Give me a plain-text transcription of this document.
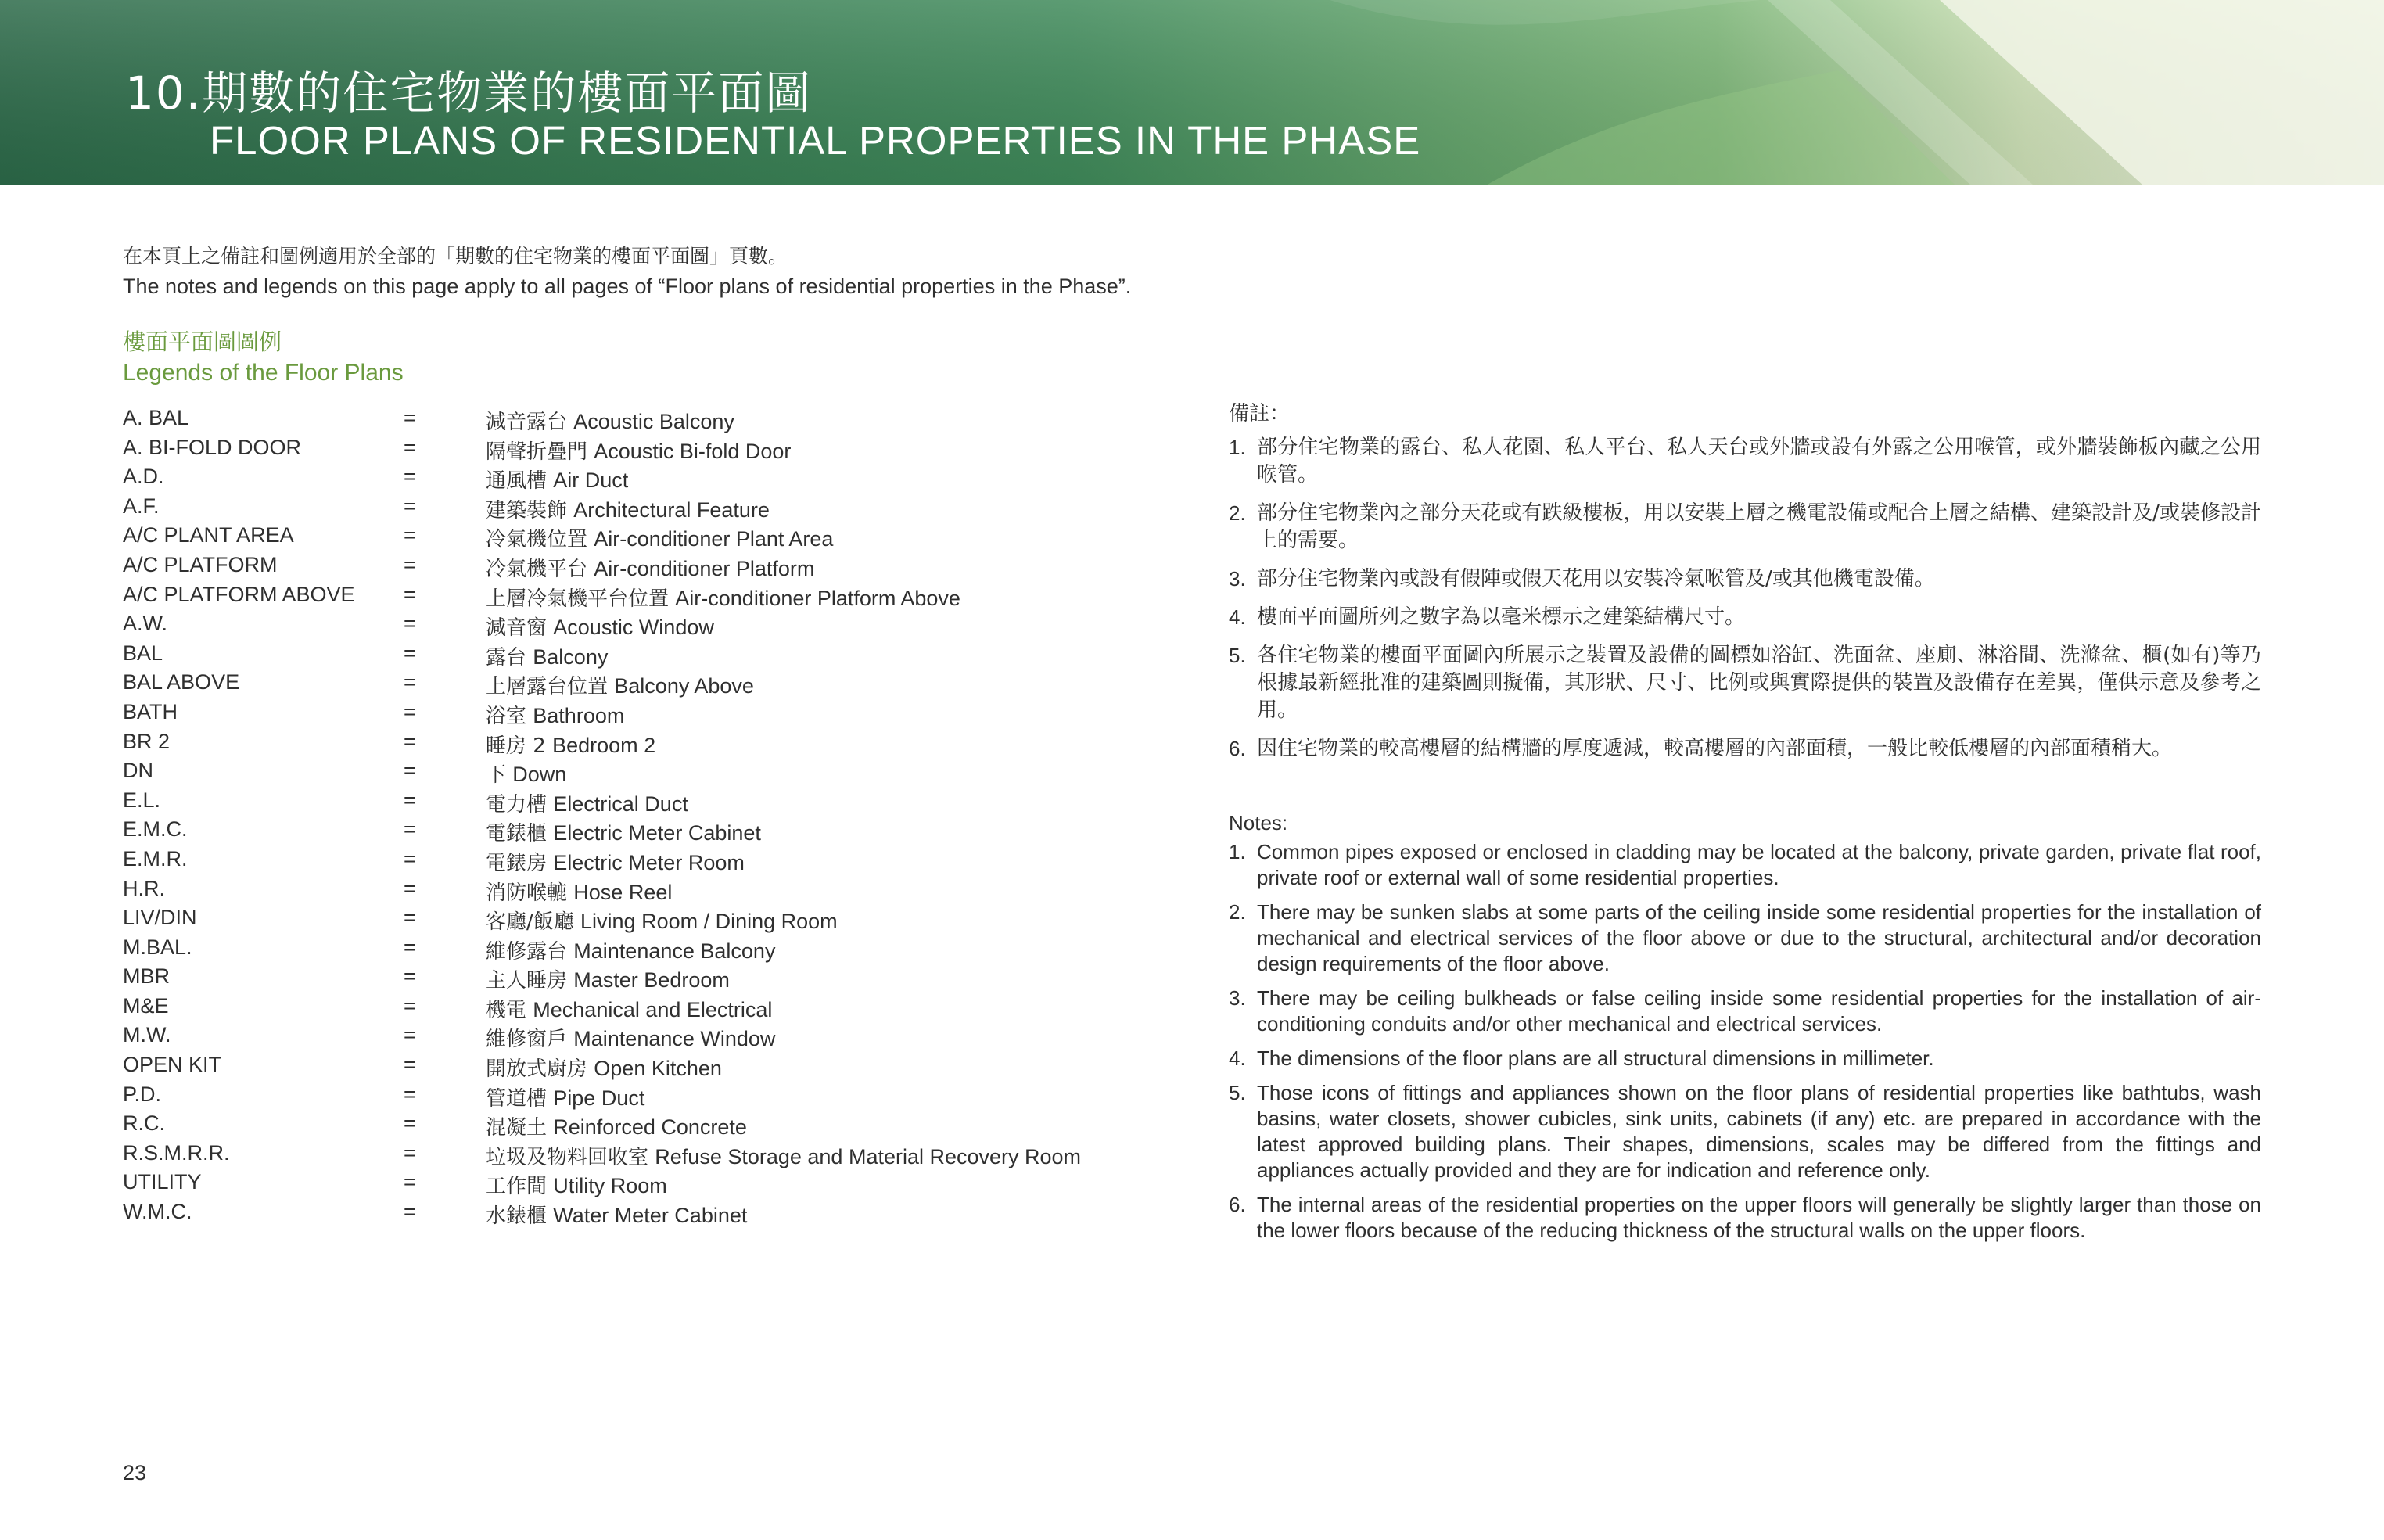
10.期數的住宅物業的樓面平面圖
FLOOR PLANS OF RESIDENTIAL PROPERTIES IN THE PHASE
在本頁上之備註和圖例適用於全部的「期數的住宅物業的樓面平面圖」頁數。
The notes and legends on this page apply to all pages of “Floor plans of residential properties in the Phase”.
樓面平面圖圖例
Legends of the Floor Plans
A. BAL	=	減音露台 Acoustic Balcony
A. BI-FOLD DOOR	=	隔聲折疊門 Acoustic Bi-fold Door
A.D.	=	通風槽 Air Duct
A.F.	=	建築裝飾 Architectural Feature
A/C PLANT AREA	=	冷氣機位置 Air-conditioner Plant Area
A/C PLATFORM	=	冷氣機平台 Air-conditioner Platform
A/C PLATFORM ABOVE =	上層冷氣機平台位置 Air-conditioner Platform Above
A.W.	=	減音窗 Acoustic Window
BAL	=	露台 Balcony
BAL ABOVE	=	上層露台位置 Balcony Above
BATH	=	浴室 Bathroom
BR 2	=	睡房 2 Bedroom 2
DN	=	下 Down
E.L.	=	電力槽 Electrical Duct
E.M.C.	=	電錶櫃 Electric Meter Cabinet
E.M.R.	=	電錶房 Electric Meter Room
H.R.	=	消防喉轆 Hose Reel
LIV/DIN	=	客廳/飯廳 Living Room / Dining Room
M.BAL.	=	維修露台 Maintenance Balcony
MBR	=	主人睡房 Master Bedroom
M&E	=	機電 Mechanical and Electrical
M.W.	=	維修窗戶 Maintenance Window
OPEN KIT	=	開放式廚房 Open Kitchen
P.D.	=	管道槽 Pipe Duct
R.C.	=	混凝土 Reinforced Concrete
R.S.M.R.R.	=	垃圾及物料回收室 Refuse Storage and Material Recovery Room
UTILITY	=	工作間 Utility Room
W.M.C.	=	水錶櫃 Water Meter Cabinet
備註：
1. 部分住宅物業的露台、私人花園、私人平台、私人天台或外牆或設有外露之公用喉管，或外牆裝飾板內藏之公用喉管。
2. 部分住宅物業內之部分天花或有跌級樓板，用以安裝上層之機電設備或配合上層之結構、建築設計及/或裝修設計上的需要。
3. 部分住宅物業內或設有假陣或假天花用以安裝冷氣喉管及/或其他機電設備。
4. 樓面平面圖所列之數字為以毫米標示之建築結構尺寸。
5. 各住宅物業的樓面平面圖內所展示之裝置及設備的圖標如浴缸、洗面盆、座廁、淋浴間、洗滌盆、櫃(如有)等乃根據最新經批准的建築圖則擬備，其形狀、尺寸、比例或與實際提供的裝置及設備存在差異，僅供示意及參考之用。
6. 因住宅物業的較高樓層的結構牆的厚度遞減，較高樓層的內部面積，一般比較低樓層的內部面積稍大。
Notes:
1. Common pipes exposed or enclosed in cladding may be located at the balcony, private garden, private flat roof, private roof or external wall of some residential properties.
2. There may be sunken slabs at some parts of the ceiling inside some residential properties for the installation of mechanical and electrical services of the floor above or due to the structural, architectural and/or decoration design requirements of the floor above.
3. There may be ceiling bulkheads or false ceiling inside some residential properties for the installation of air-conditioning conduits and/or other mechanical and electrical services.
4. The dimensions of the floor plans are all structural dimensions in millimeter.
5. Those icons of fittings and appliances shown on the floor plans of residential properties like bathtubs, wash basins, water closets, shower cubicles, sink units, cabinets (if any) etc. are prepared in accordance with the latest approved building plans. Their shapes, dimensions, scales may be differed from the fittings and appliances actually provided and they are for indication and reference only.
6. The internal areas of the residential properties on the upper floors will generally be slightly larger than those on the lower floors because of the reducing thickness of the structural walls on the upper floors.
23
